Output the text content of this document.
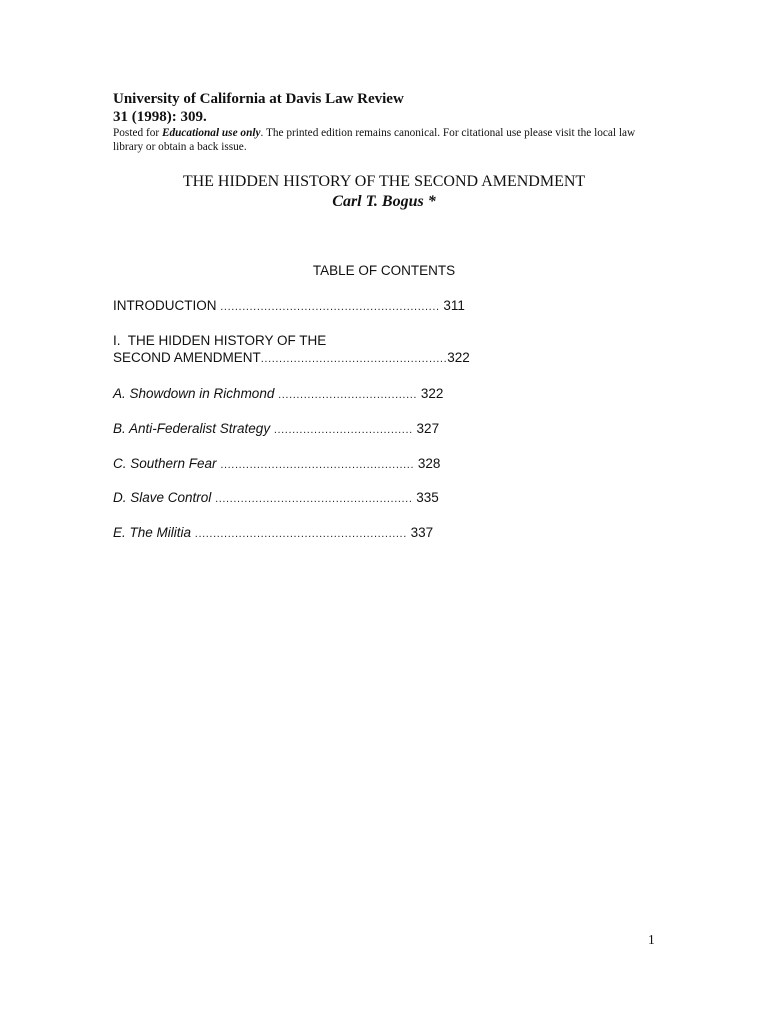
University of California at Davis Law Review
31 (1998): 309.
Posted for Educational use only. The printed edition remains canonical. For citational use please visit the local law library or obtain a back issue.
THE HIDDEN HISTORY OF THE SECOND AMENDMENT
Carl T. Bogus *
TABLE OF CONTENTS
INTRODUCTION
............................................................
311
I.  THE HIDDEN HISTORY OF THE
SECOND AMENDMENT ................................................... 322
A. Showdown in Richmond
......................................
322
B. Anti-Federalist Strategy
......................................
327
C. Southern Fear
.....................................................
328
D. Slave Control
......................................................
335
E. The Militia
..........................................................
337
1
